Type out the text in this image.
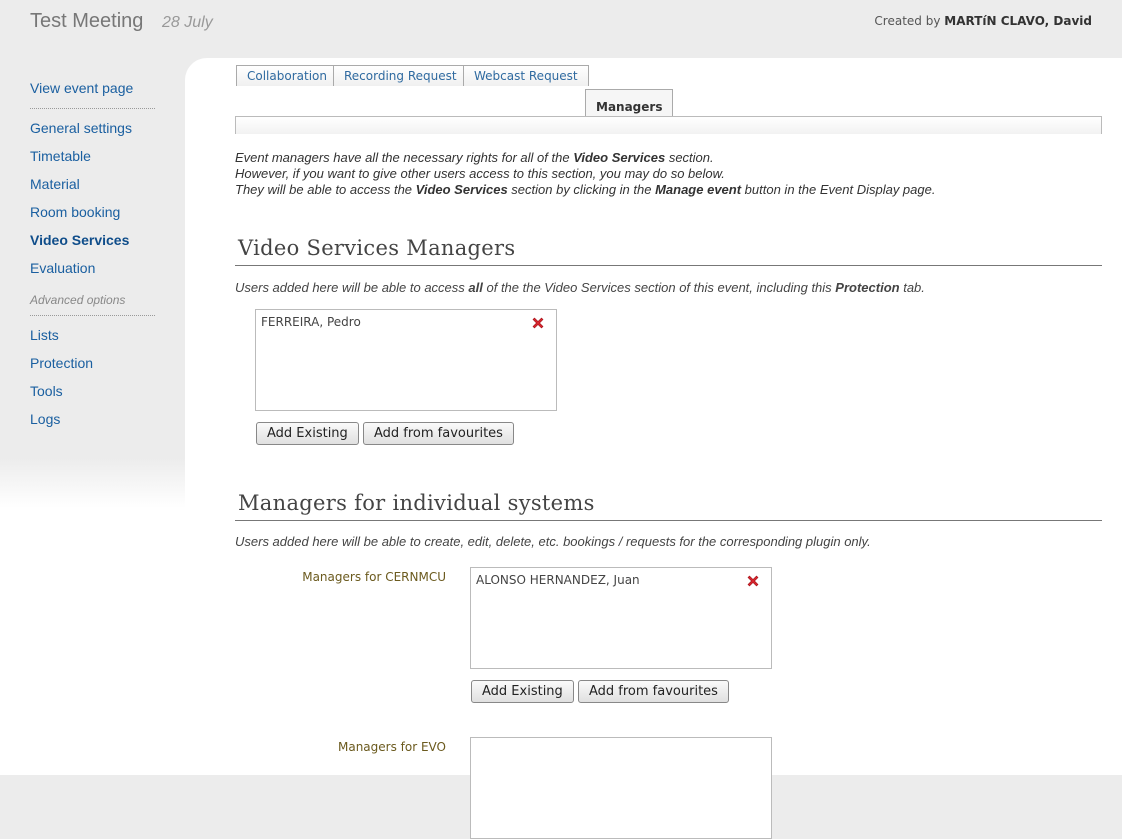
Test Meeting 28 July	Created by MARTíN CLAVO, David
View event page
General settings
Timetable
Material
Room booking
Video Services
Evaluation
Advanced options
Lists
Protection
Tools
Logs
Collaboration	Recording Request	Webcast Request
Managers

Event managers have all the necessary rights for all of the Video Services section.

However, if you want to give other users access to this section, you may do so below.

They will be able to access the Video Services section by clicking in the Manage event button in the Event Display page.

Video Services Managers
Users added here will be able to access all of the the Video Services section of this event, including this Protection tab.
FERREIRA, Pedro
Add Existing	Add from favourites
Managers for individual systems
Users added here will be able to create, edit, delete, etc. bookings / requests for the corresponding plugin only.
Managers for CERNMCU	ALONSO HERNANDEZ, Juan
Add Existing	Add from favourites
Managers for EVO
